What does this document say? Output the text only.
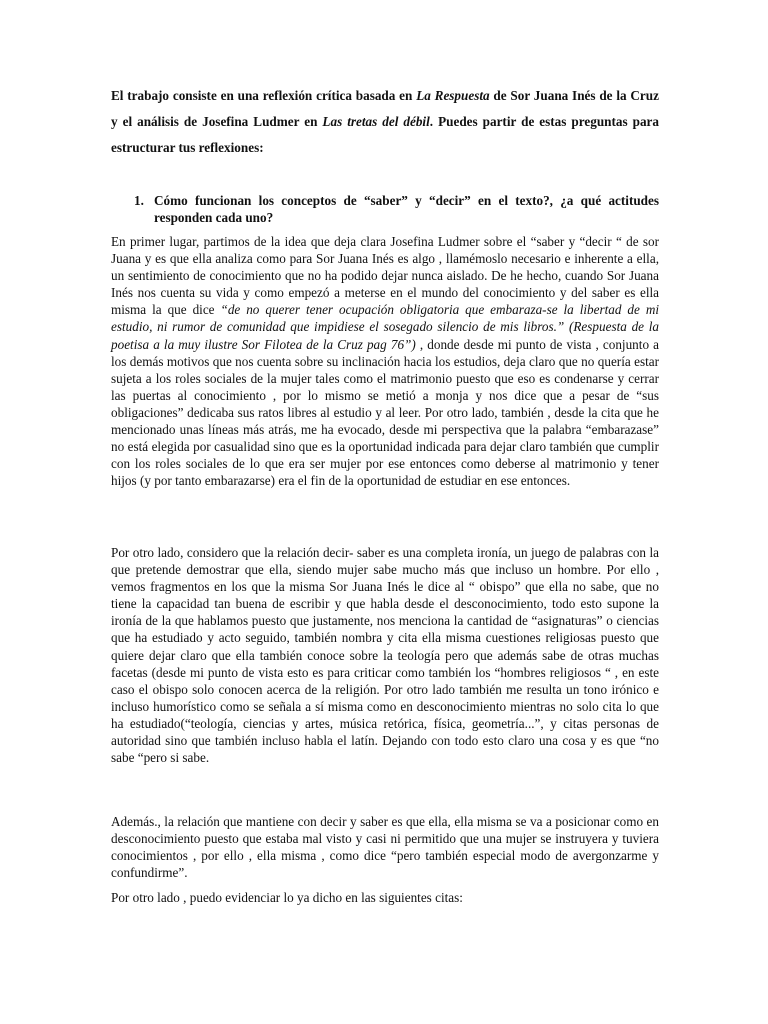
El trabajo consiste en una reflexión crítica basada en La Respuesta de Sor Juana Inés de la Cruz y el análisis de Josefina Ludmer en Las tretas del débil. Puedes partir de estas preguntas para estructurar tus reflexiones:
1. Cómo funcionan los conceptos de “saber” y “decir” en el texto?, ¿a qué actitudes responden cada uno?
En primer lugar, partimos de la idea que deja clara Josefina Ludmer sobre el “saber y “decir “ de sor Juana y es que ella analiza como para Sor Juana Inés es algo , llamémoslo necesario e inherente a ella, un sentimiento de conocimiento que no ha podido dejar nunca aislado. De he hecho, cuando Sor Juana Inés nos cuenta su vida y como empezó a meterse en el mundo del conocimiento y del saber es ella misma la que dice “de no querer tener ocupación obligatoria que embaraza-se la libertad de mi estudio, ni rumor de comunidad que impidiese el sosegado silencio de mis libros.” (Respuesta de la poetisa a la muy ilustre Sor Filotea de la Cruz pag 76”) , donde desde mi punto de vista , conjunto a los demás motivos que nos cuenta sobre su inclinación hacia los estudios, deja claro que no quería estar sujeta a los roles sociales de la mujer tales como el matrimonio puesto que eso es condenarse y cerrar las puertas al conocimiento , por lo mismo se metió a monja y nos dice que a pesar de “sus obligaciones” dedicaba sus ratos libres al estudio y al leer. Por otro lado, también , desde la cita que he mencionado unas líneas más atrás, me ha evocado, desde mi perspectiva que la palabra “embarazase” no está elegida por casualidad sino que es la oportunidad indicada para dejar claro también que cumplir con los roles sociales de lo que era ser mujer por ese entonces como deberse al matrimonio y tener hijos (y por tanto embarazarse) era el fin de la oportunidad de estudiar en ese entonces.
Por otro lado, considero que la relación decir- saber es una completa ironía, un juego de palabras con la que pretende demostrar que ella, siendo mujer sabe mucho más que incluso un hombre. Por ello , vemos fragmentos en los que la misma Sor Juana Inés le dice al “ obispo” que ella no sabe, que no tiene la capacidad tan buena de escribir y que habla desde el desconocimiento, todo esto supone la ironía de la que hablamos puesto que justamente, nos menciona la cantidad de “asignaturas” o ciencias que ha estudiado y acto seguido, también nombra y cita ella misma cuestiones religiosas puesto que quiere dejar claro que ella también conoce sobre la teología pero que además sabe de otras muchas facetas (desde mi punto de vista esto es para criticar como también los “hombres religiosos “ , en este caso el obispo solo conocen acerca de la religión. Por otro lado también me resulta un tono irónico e incluso humorístico como se señala a sí misma como en desconocimiento mientras no solo cita lo que ha estudiado(“teología, ciencias y artes, música retórica, física, geometría...”, y citas personas de autoridad sino que también incluso habla el latín. Dejando con todo esto claro una cosa y es que “no sabe “pero si sabe.
Además., la relación que mantiene con decir y saber es que ella, ella misma se va a posicionar como en desconocimiento puesto que estaba mal visto y casi ni permitido que una mujer se instruyera y tuviera conocimientos , por ello , ella misma , como dice “pero también especial modo de avergonzarme y confundirme”.
Por otro lado , puedo evidenciar lo ya dicho en las siguientes citas:
